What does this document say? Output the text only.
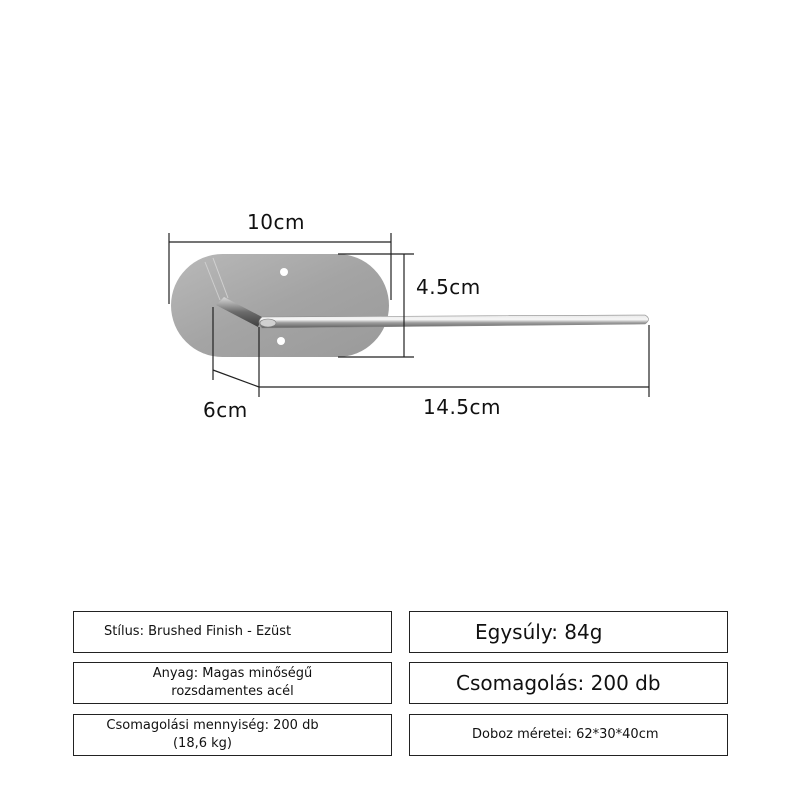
10cm
4.5cm
6cm	14.5cm
Stílus: Brushed Finish - Ezüst
Anyag: Magas minőségű
rozsdamentes acél
Csomagolási mennyiség: 200 db
(18,6 kg)
Egysúly: 84g
Csomagolás: 200 db
Doboz méretei: 62*30*40cm
